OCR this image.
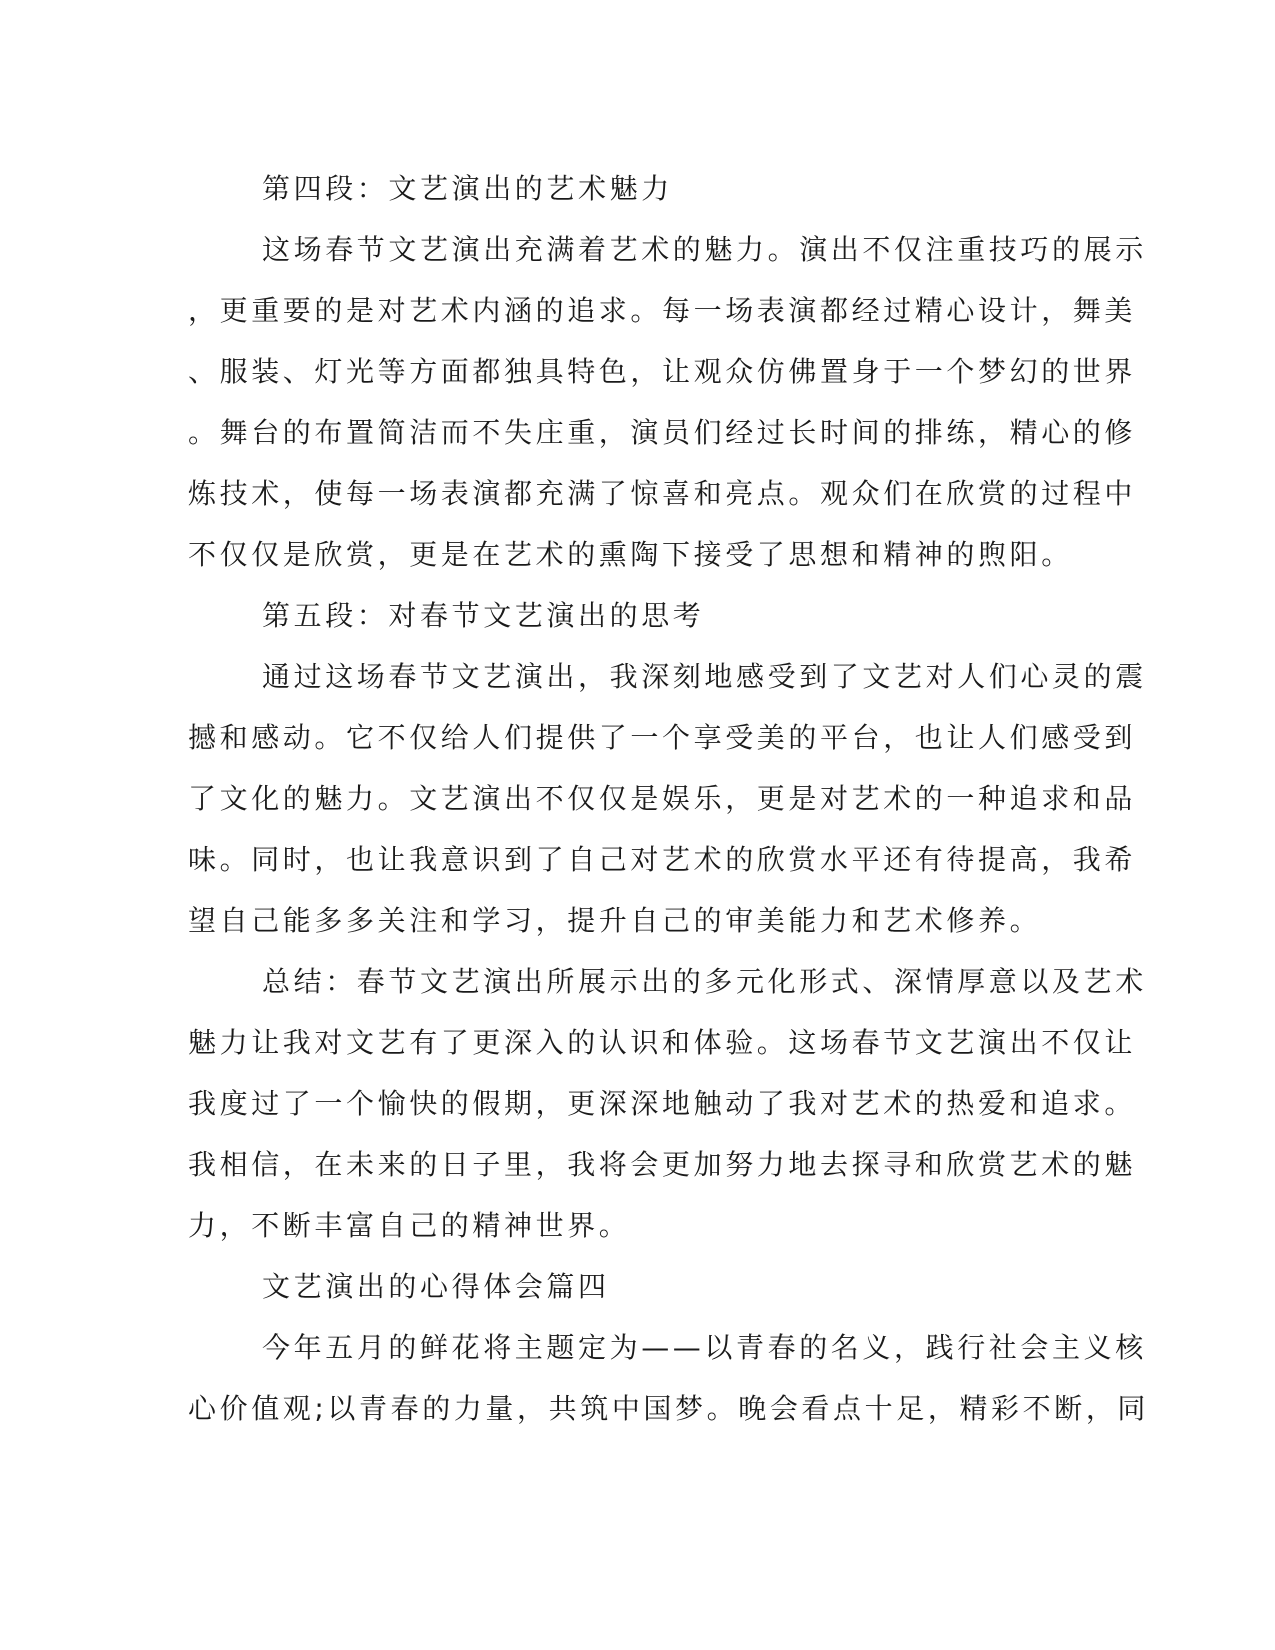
第四段：文艺演出的艺术魅力

这场春节文艺演出充满着艺术的魅力。演出不仅注重技巧的展示

，更重要的是对艺术内涵的追求。每一场表演都经过精心设计，舞美

、服装、灯光等方面都独具特色，让观众仿佛置身于一个梦幻的世界

。舞台的布置简洁而不失庄重，演员们经过长时间的排练，精心的修

炼技术，使每一场表演都充满了惊喜和亮点。观众们在欣赏的过程中

不仅仅是欣赏，更是在艺术的熏陶下接受了思想和精神的煦阳。

第五段：对春节文艺演出的思考

通过这场春节文艺演出，我深刻地感受到了文艺对人们心灵的震

撼和感动。它不仅给人们提供了一个享受美的平台，也让人们感受到

了文化的魅力。文艺演出不仅仅是娱乐，更是对艺术的一种追求和品

味。同时，也让我意识到了自己对艺术的欣赏水平还有待提高，我希

望自己能多多关注和学习，提升自己的审美能力和艺术修养。

总结：春节文艺演出所展示出的多元化形式、深情厚意以及艺术

魅力让我对文艺有了更深入的认识和体验。这场春节文艺演出不仅让

我度过了一个愉快的假期，更深深地触动了我对艺术的热爱和追求。

我相信，在未来的日子里，我将会更加努力地去探寻和欣赏艺术的魅

力，不断丰富自己的精神世界。

文艺演出的心得体会篇四

今年五月的鲜花将主题定为——以青春的名义，践行社会主义核

心价值观;以青春的力量，共筑中国梦。晚会看点十足，精彩不断，同
